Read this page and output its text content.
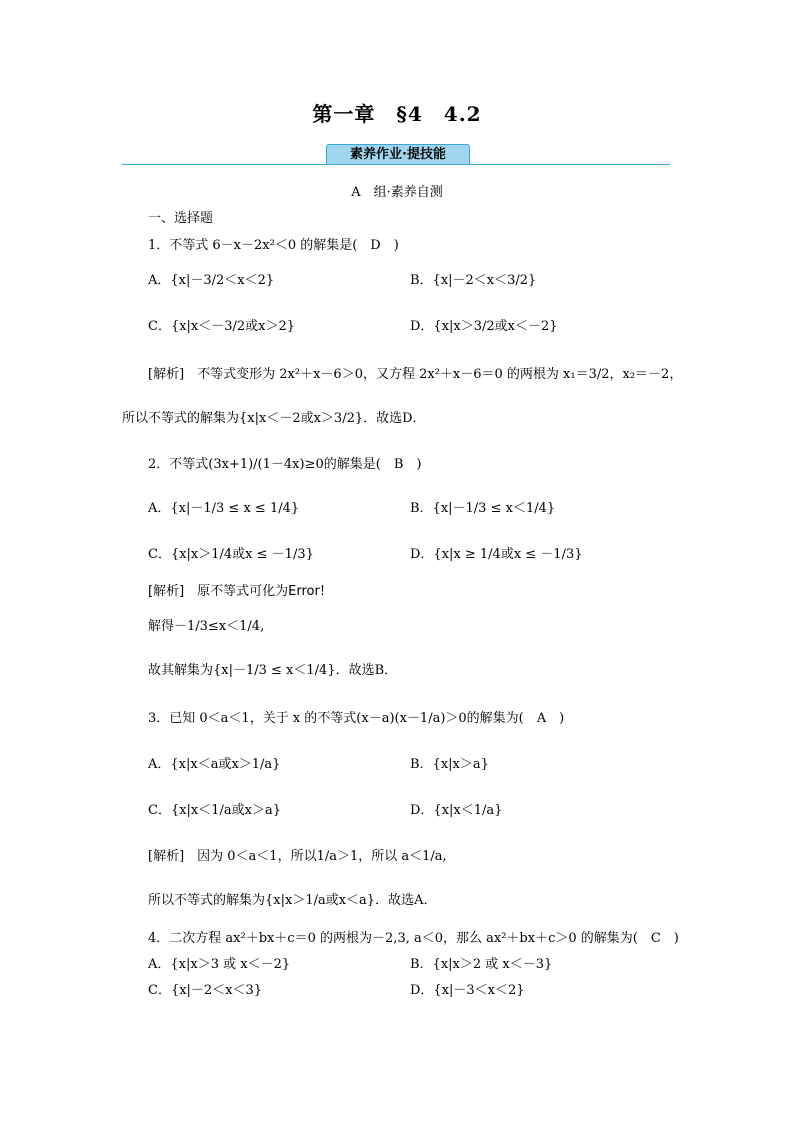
第一章　§4　4.2
素养作业·提技能
A　组·素养自测
一、选择题
1．不等式 6－x－2x²＜0 的解集是(　D　)
A．{x|－3/2＜x＜2}	B．{x|－2＜x＜3/2}
C．{x|x＜－3/2或x＞2}	D．{x|x＞3/2或x＜－2}
[解析]　不等式变形为 2x²＋x－6＞0，又方程 2x²＋x－6＝0 的两根为 x₁＝3/2，x₂＝－2，
所以不等式的解集为{x|x＜－2或x＞3/2}．故选D．
2．不等式(3x+1)/(1－4x)≥0的解集是(　B　)
A．{x|－1/3 ≤ x ≤ 1/4}	B．{x|－1/3 ≤ x＜1/4}
C．{x|x＞1/4或x ≤ －1/3}	D．{x|x ≥ 1/4或x ≤ －1/3}
[解析]　原不等式可化为Error!
解得－1/3≤x＜1/4,
故其解集为{x|－1/3 ≤ x＜1/4}．故选B．
3．已知 0＜a＜1，关于 x 的不等式(x－a)(x－1/a)＞0的解集为(　A　)
A．{x|x＜a或x＞1/a}	B．{x|x＞a}
C．{x|x＜1/a或x＞a}	D．{x|x＜1/a}
[解析]　因为 0＜a＜1，所以1/a＞1，所以 a＜1/a,
所以不等式的解集为{x|x＞1/a或x＜a}．故选A．
4．二次方程 ax²＋bx＋c＝0 的两根为－2,3, a＜0，那么 ax²＋bx＋c＞0 的解集为(　C　)
A．{x|x＞3 或 x＜－2}	B．{x|x＞2 或 x＜－3}
C．{x|－2＜x＜3}	D．{x|－3＜x＜2}
